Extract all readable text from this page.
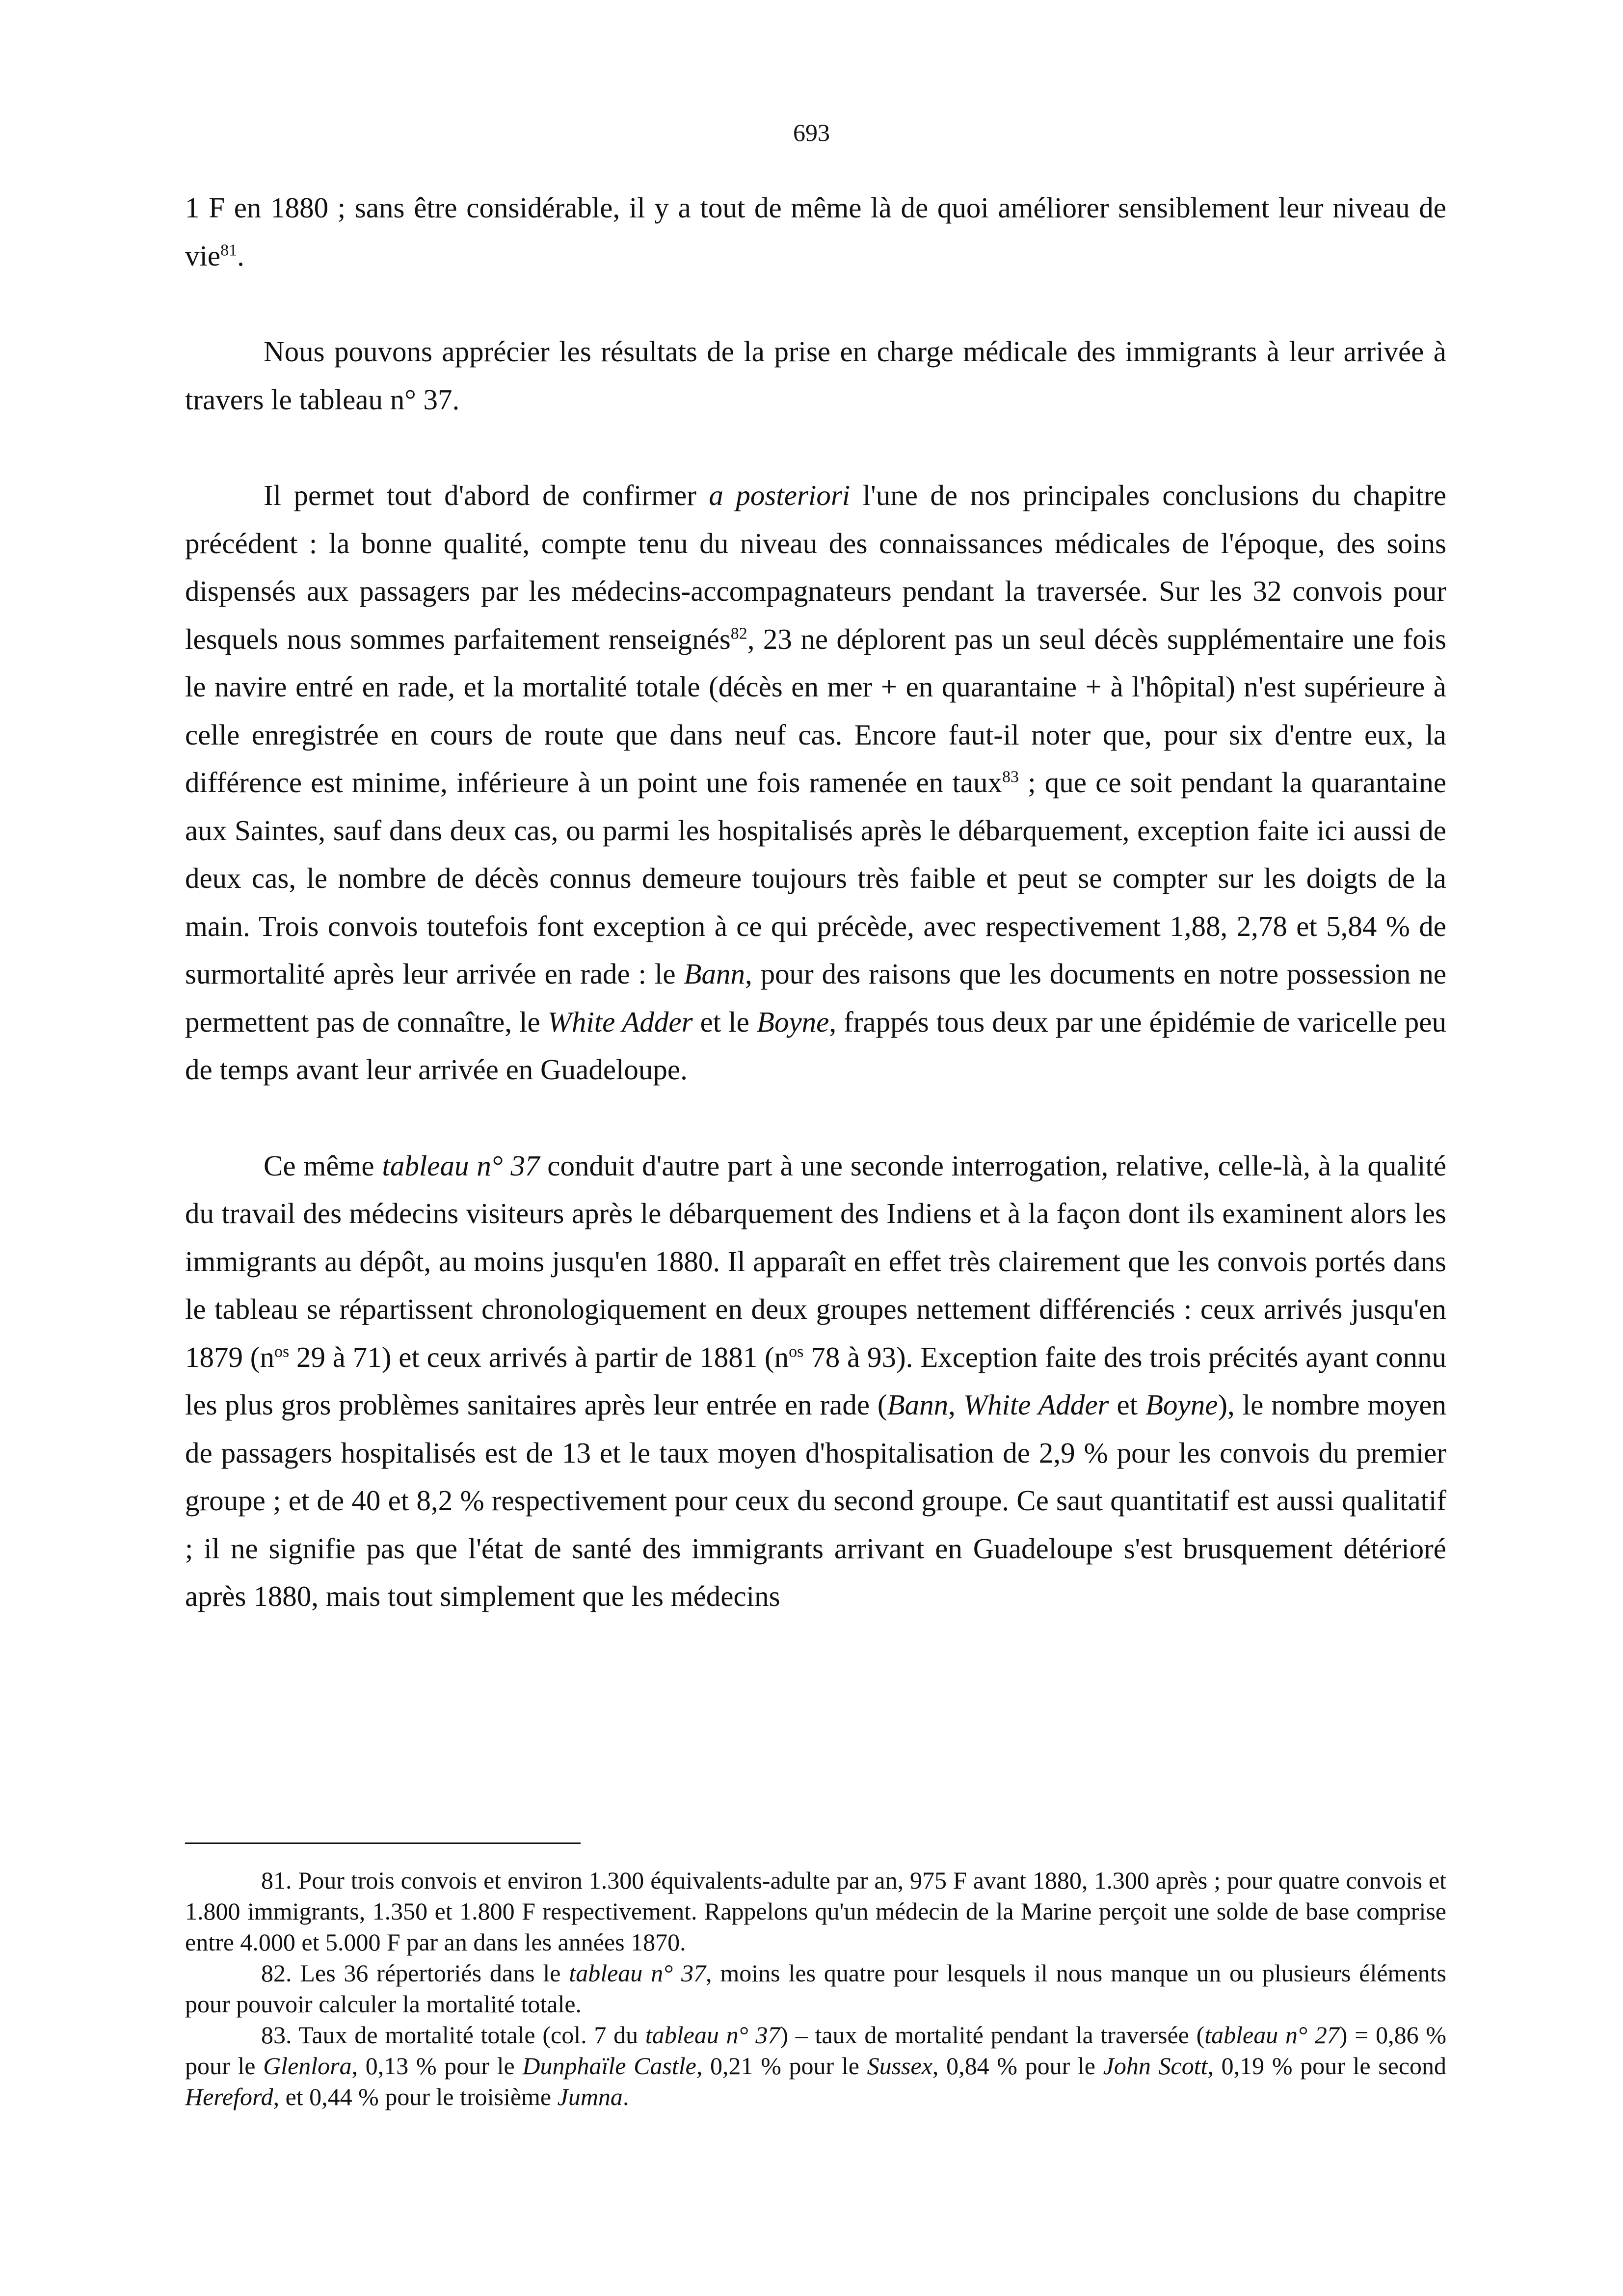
693

1 F en 1880 ; sans être considérable, il y a tout de même là de quoi améliorer sensiblement leur niveau de vie$^{81}$.

Nous pouvons apprécier les résultats de la prise en charge médicale des immigrants à leur arrivée à travers le tableau n° 37.

Il permet tout d'abord de confirmer a posteriori l'une de nos principales conclusions du chapitre précédent : la bonne qualité, compte tenu du niveau des connaissances médicales de l'époque, des soins dispensés aux passagers par les médecins-accompagnateurs pendant la traversée. Sur les 32 convois pour lesquels nous sommes parfaitement renseignés$^{82}$, 23 ne déplorent pas un seul décès supplémentaire une fois le navire entré en rade, et la mortalité totale (décès en mer + en quarantaine + à l'hôpital) n'est supérieure à celle enregistrée en cours de route que dans neuf cas. Encore faut-il noter que, pour six d'entre eux, la différence est minime, inférieure à un point une fois ramenée en taux$^{83}$ ; que ce soit pendant la quarantaine aux Saintes, sauf dans deux cas, ou parmi les hospitalisés après le débarquement, exception faite ici aussi de deux cas, le nombre de décès connus demeure toujours très faible et peut se compter sur les doigts de la main. Trois convois toutefois font exception à ce qui précède, avec respectivement 1,88, 2,78 et 5,84 % de surmortalité après leur arrivée en rade : le Bann, pour des raisons que les documents en notre possession ne permettent pas de connaître, le White Adder et le Boyne, frappés tous deux par une épidémie de varicelle peu de temps avant leur arrivée en Guadeloupe.

Ce même tableau n° 37 conduit d'autre part à une seconde interrogation, relative, celle-là, à la qualité du travail des médecins visiteurs après le débarquement des Indiens et à la façon dont ils examinent alors les immigrants au dépôt, au moins jusqu'en 1880. Il apparaît en effet très clairement que les convois portés dans le tableau se répartissent chronologiquement en deux groupes nettement différenciés : ceux arrivés jusqu'en 1879 ($n^{os}$ 29 à 71) et ceux arrivés à partir de 1881 ($n^{os}$ 78 à 93). Exception faite des trois précités ayant connu les plus gros problèmes sanitaires après leur entrée en rade (Bann, White Adder et Boyne), le nombre moyen de passagers hospitalisés est de 13 et le taux moyen d'hospitalisation de 2,9 % pour les convois du premier groupe ; et de 40 et 8,2 % respectivement pour ceux du second groupe. Ce saut quantitatif est aussi qualitatif ; il ne signifie pas que l'état de santé des immigrants arrivant en Guadeloupe s'est brusquement détérioré après 1880, mais tout simplement que les médecins

81. Pour trois convois et environ 1.300 équivalents-adulte par an, 975 F avant 1880, 1.300 après ; pour quatre convois et 1.800 immigrants, 1.350 et 1.800 F respectivement. Rappelons qu'un médecin de la Marine perçoit une solde de base comprise entre 4.000 et 5.000 F par an dans les années 1870.

82. Les 36 répertoriés dans le tableau n° 37, moins les quatre pour lesquels il nous manque un ou plusieurs éléments pour pouvoir calculer la mortalité totale.

83. Taux de mortalité totale (col. 7 du tableau n° 37) – taux de mortalité pendant la traversée (tableau n° 27) = 0,86 % pour le Glenlora, 0,13 % pour le Dunphaïle Castle, 0,21 % pour le Sussex, 0,84 % pour le John Scott, 0,19 % pour le second Hereford, et 0,44 % pour le troisième Jumna.
